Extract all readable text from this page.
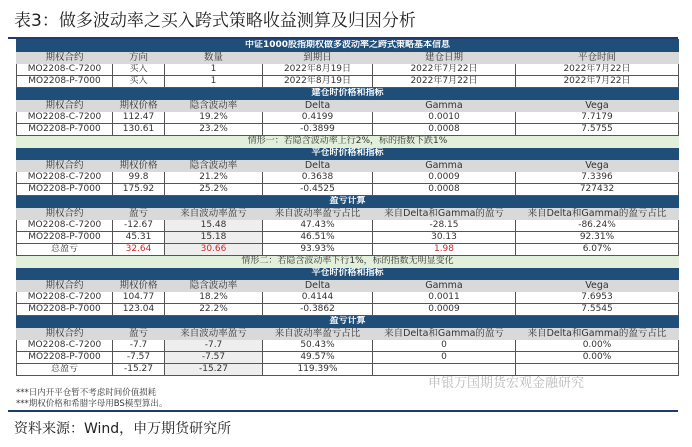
表3：做多波动率之买入跨式策略收益测算及归因分析
中证1000股指期权做多波动率之跨式策略基本信息					
期权合约	方向	数量	到期日	建仓日期	平仓时间
MO2208-C-7200	买入	1	2022年8月19日	2022年7月22日	2022年7月22日
MO2208-P-7000	买入	1	2022年8月19日	2022年7月22日	2022年7月22日
建仓时价格和指标					
期权合约	期权价格	隐含波动率	Delta	Gamma	Vega
MO2208-C-7200	112.47	19.2%	0.4199	0.0010	7.7179
MO2208-P-7000	130.61	23.2%	-0.3899	0.0008	7.5755
情形一：若隐含波动率上行2%，标的指数下跌1%					
平仓时价格和指标					
期权合约	期权价格	隐含波动率	Delta	Gamma	Vega
MO2208-C-7200	99.8	21.2%	0.3638	0.0009	7.3396
MO2208-P-7000	175.92	25.2%	-0.4525	0.0008	727432
盈亏计算					
期权合约	盈亏	来自波动率盈亏	来自波动率盈亏占比	来自Delta和Gamma的盈亏	来自Delta和Gamma的盈亏占比
MO2208-C-7200	-12.67	15.48	47.43%	-28.15	-86.24%
MO2208-P-7000	45.31	15.18	46.51%	30.13	92.31%
总盈亏	32.64	30.66	93.93%	1.98	6.07%
情形二：若隐含波动率下行1%，标的指数无明显变化					
平仓时价格和指标					
期权合约	期权价格	隐含波动率	Delta	Gamma	Vega
MO2208-C-7200	104.77	18.2%	0.4144	0.0011	7.6953
MO2208-P-7000	123.04	22.2%	-0.3862	0.0009	7.5545
盈亏计算					
期权合约	盈亏	来自波动率盈亏	来自波动率盈亏占比	来自Delta和Gamma的盈亏	来自Delta和Gamma的盈亏占比
MO2208-C-7200	-7.7	-7.7	50.43%	0	0.00%
MO2208-P-7000	-7.57	-7.57	49.57%	0	0.00%
总盈亏	-15.27	-15.27	119.39%		
***日内开平仓暂不考虑时间价值损耗
***期权价格和希腊字母用BS模型算出。
申银万国期货宏观金融研究
资料来源：Wind，申万期货研究所
